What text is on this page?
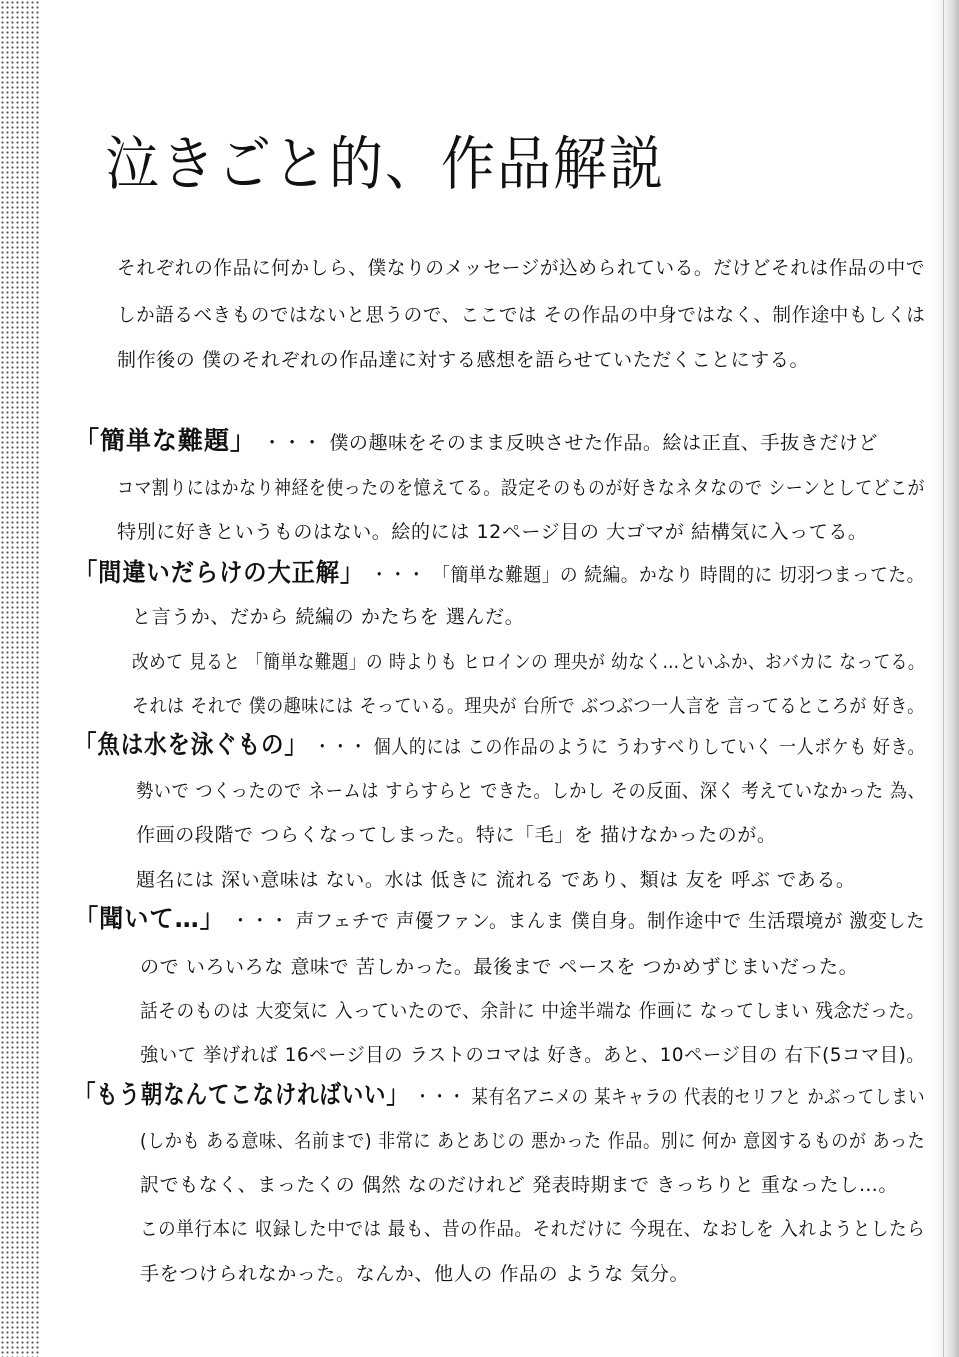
泣きごと的、作品解説
それぞれの作品に何かしら、僕なりのメッセージが込められている。だけどそれは作品の中で
しか語るべきものではないと思うので、ここでは その作品の中身ではなく、制作途中もしくは
制作後の 僕のそれぞれの作品達に対する感想を語らせていただくことにする。
「簡単な難題」 ・・・ 僕の趣味をそのまま反映させた作品。絵は正直、手抜きだけど
コマ割りにはかなり神経を使ったのを憶えてる。設定そのものが好きなネタなので シーンとしてどこが
特別に好きというものはない。絵的には 12ページ目の 大ゴマが 結構気に入ってる。
「間違いだらけの大正解」 ・・・ 「簡単な難題」の 続編。かなり 時間的に 切羽つまってた。
と言うか、だから 続編の かたちを 選んだ。
改めて 見ると 「簡単な難題」の 時よりも ヒロインの 理央が 幼なく…といふか、おバカに なってる。
それは それで 僕の趣味には そっている。理央が 台所で ぶつぶつ一人言を 言ってるところが 好き。
「魚は水を泳ぐもの」 ・・・ 個人的には この作品のように うわすべりしていく 一人ボケも 好き。
勢いで つくったので ネームは すらすらと できた。しかし その反面、深く 考えていなかった 為、
作画の段階で つらくなってしまった。特に「毛」を 描けなかったのが。
題名には 深い意味は ない。水は 低きに 流れる であり、類は 友を 呼ぶ である。
「聞いて…」 ・・・ 声フェチで 声優ファン。まんま 僕自身。制作途中で 生活環境が 激変した
ので いろいろな 意味で 苦しかった。最後まで ペースを つかめずじまいだった。
話そのものは 大変気に 入っていたので、余計に 中途半端な 作画に なってしまい 残念だった。
強いて 挙げれば 16ページ目の ラストのコマは 好き。あと、10ページ目の 右下(5コマ目)。
「もう朝なんてこなければいい」 ・・・ 某有名アニメの 某キャラの 代表的セリフと かぶってしまい
(しかも ある意味、名前まで) 非常に あとあじの 悪かった 作品。別に 何か 意図するものが あった
訳でもなく、まったくの 偶然 なのだけれど 発表時期まで きっちりと 重なったし…。
この単行本に 収録した中では 最も、昔の作品。それだけに 今現在、なおしを 入れようとしたら
手をつけられなかった。なんか、他人の 作品の ような 気分。
